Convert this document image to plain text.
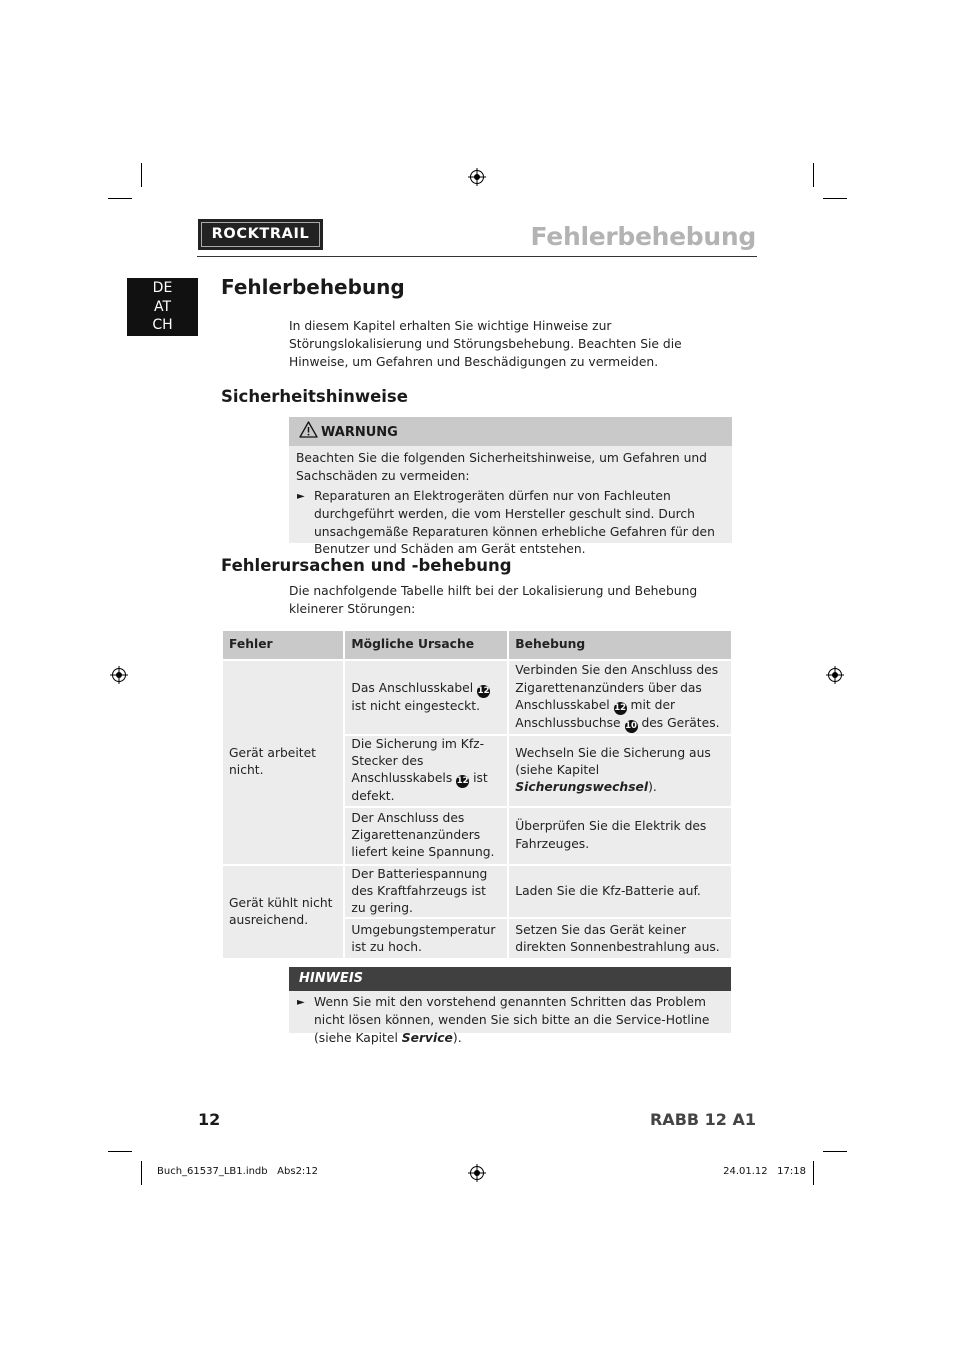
ROCKTRAIL	Fehlerbehebung
DE
AT
CH
Fehlerbehebung
In diesem Kapitel erhalten Sie wichtige Hinweise zur Störungslokalisierung und Störungsbehebung. Beachten Sie die Hinweise, um Gefahren und Beschädigungen zu vermeiden.
Sicherheitshinweise
WARNUNG
Beachten Sie die folgenden Sicherheitshinweise, um Gefahren und Sachschäden zu vermeiden:
► Reparaturen an Elektrogeräten dürfen nur von Fachleuten durchgeführt werden, die vom Hersteller geschult sind. Durch unsachgemäße Reparaturen können erhebliche Gefahren für den Benutzer und Schäden am Gerät entstehen.
Fehlerursachen und -behebung
Die nachfolgende Tabelle hilft bei der Lokalisierung und Behebung kleinerer Störungen:
Fehler	Mögliche Ursache	Behebung
Gerät arbeitet nicht.	Das Anschlusskabel 12 ist nicht eingesteckt.	Verbinden Sie den Anschluss des Zigarettenanzünders über das Anschlusskabel 12 mit der Anschlussbuchse 10 des Gerätes.
	Die Sicherung im Kfz-Stecker des Anschlusskabels 12 ist defekt.	Wechseln Sie die Sicherung aus (siehe Kapitel Sicherungswechsel).
	Der Anschluss des Zigarettenanzünders liefert keine Spannung.	Überprüfen Sie die Elektrik des Fahrzeuges.
Gerät kühlt nicht ausreichend.	Der Batteriespannung des Kraftfahrzeugs ist zu gering.	Laden Sie die Kfz-Batterie auf.
	Umgebungstemperatur ist zu hoch.	Setzen Sie das Gerät keiner direkten Sonnenbestrahlung aus.
HINWEIS
► Wenn Sie mit den vorstehend genannten Schritten das Problem nicht lösen können, wenden Sie sich bitte an die Service-Hotline (siehe Kapitel Service).
12	RABB 12 A1
Buch_61537_LB1.indb   Abs2:12	24.01.12   17:18
